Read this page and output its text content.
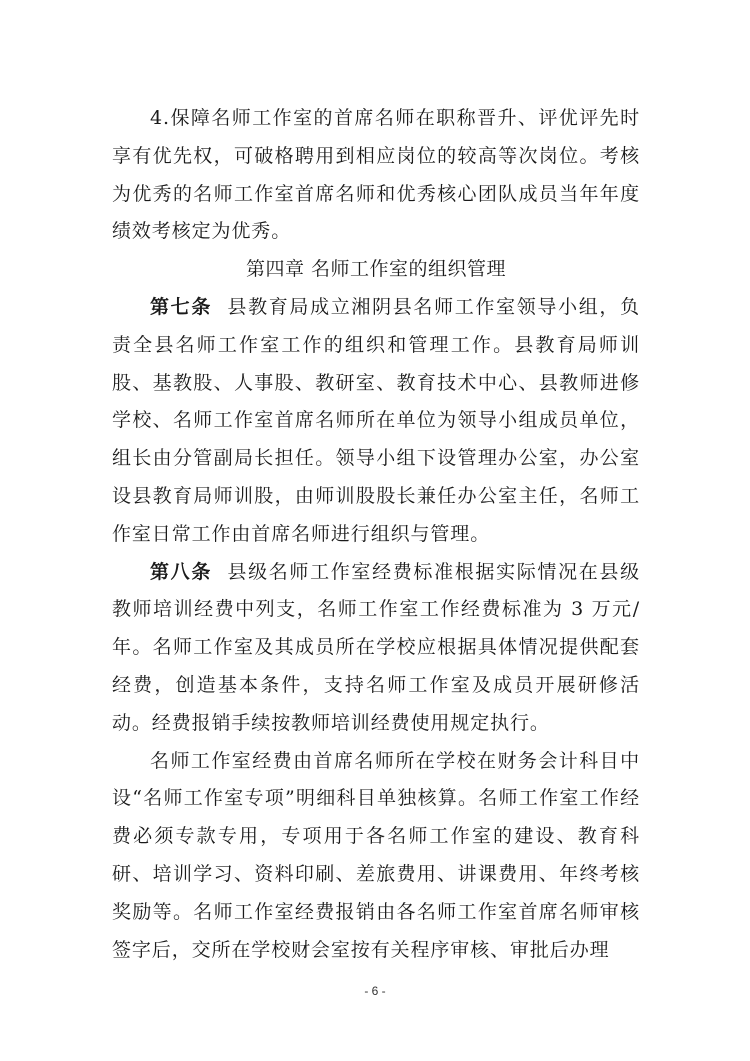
4.保障名师工作室的首席名师在职称晋升、评优评先时享有优先权，可破格聘用到相应岗位的较高等次岗位。考核为优秀的名师工作室首席名师和优秀核心团队成员当年年度绩效考核定为优秀。

第四章 名师工作室的组织管理

第七条 县教育局成立湘阴县名师工作室领导小组，负责全县名师工作室工作的组织和管理工作。县教育局师训股、基教股、人事股、教研室、教育技术中心、县教师进修学校、名师工作室首席名师所在单位为领导小组成员单位，组长由分管副局长担任。领导小组下设管理办公室，办公室设县教育局师训股，由师训股股长兼任办公室主任，名师工作室日常工作由首席名师进行组织与管理。

第八条 县级名师工作室经费标准根据实际情况在县级教师培训经费中列支，名师工作室工作经费标准为 3 万元/年。名师工作室及其成员所在学校应根据具体情况提供配套经费，创造基本条件，支持名师工作室及成员开展研修活动。经费报销手续按教师培训经费使用规定执行。

名师工作室经费由首席名师所在学校在财务会计科目中设“名师工作室专项”明细科目单独核算。名师工作室工作经费必须专款专用，专项用于各名师工作室的建设、教育科研、培训学习、资料印刷、差旅费用、讲课费用、年终考核奖励等。名师工作室经费报销由各名师工作室首席名师审核签字后，交所在学校财会室按有关程序审核、审批后办理

- 6 -
